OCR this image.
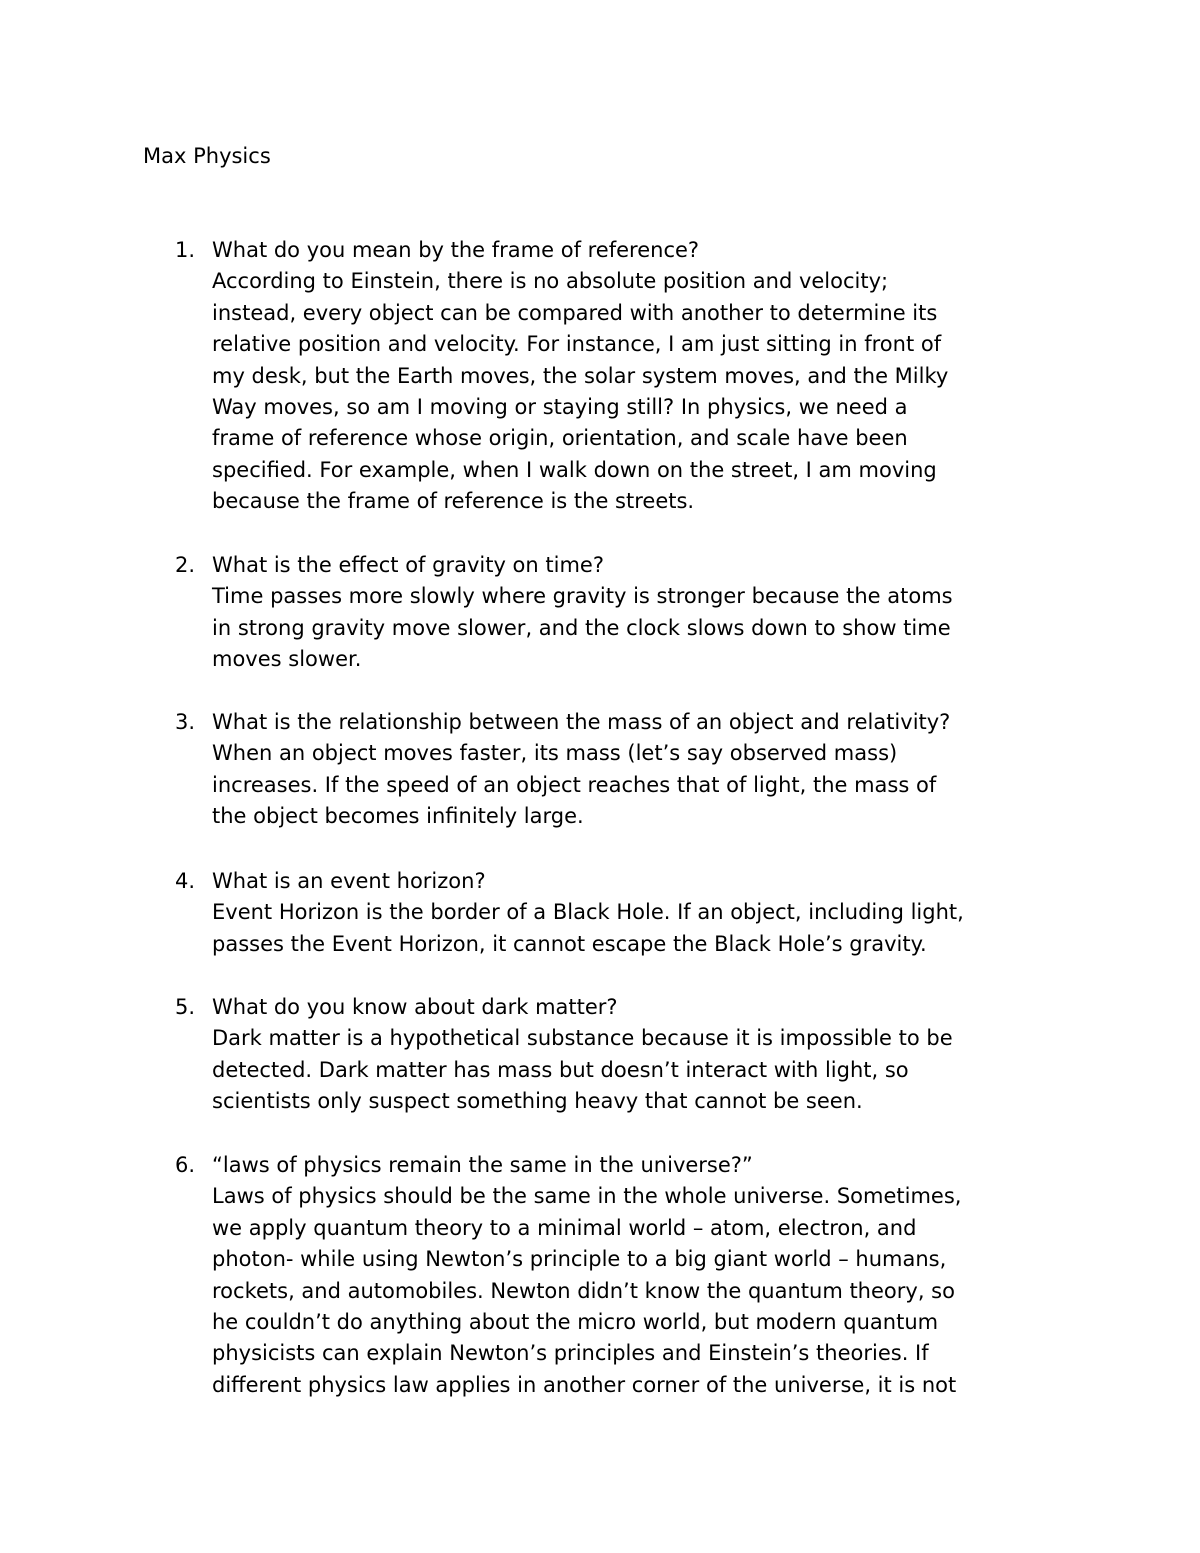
Max Physics
1. What do you mean by the frame of reference?
According to Einstein, there is no absolute position and velocity;
instead, every object can be compared with another to determine its
relative position and velocity. For instance, I am just sitting in front of
my desk, but the Earth moves, the solar system moves, and the Milky
Way moves, so am I moving or staying still? In physics, we need a
frame of reference whose origin, orientation, and scale have been
specified. For example, when I walk down on the street, I am moving
because the frame of reference is the streets.
2. What is the effect of gravity on time?
Time passes more slowly where gravity is stronger because the atoms
in strong gravity move slower, and the clock slows down to show time
moves slower.
3. What is the relationship between the mass of an object and relativity?
When an object moves faster, its mass (let’s say observed mass)
increases. If the speed of an object reaches that of light, the mass of
the object becomes infinitely large.
4. What is an event horizon?
Event Horizon is the border of a Black Hole. If an object, including light,
passes the Event Horizon, it cannot escape the Black Hole’s gravity.
5. What do you know about dark matter?
Dark matter is a hypothetical substance because it is impossible to be
detected. Dark matter has mass but doesn’t interact with light, so
scientists only suspect something heavy that cannot be seen.
6. “laws of physics remain the same in the universe?”
Laws of physics should be the same in the whole universe. Sometimes,
we apply quantum theory to a minimal world – atom, electron, and
photon- while using Newton’s principle to a big giant world – humans,
rockets, and automobiles. Newton didn’t know the quantum theory, so
he couldn’t do anything about the micro world, but modern quantum
physicists can explain Newton’s principles and Einstein’s theories. If
different physics law applies in another corner of the universe, it is not
